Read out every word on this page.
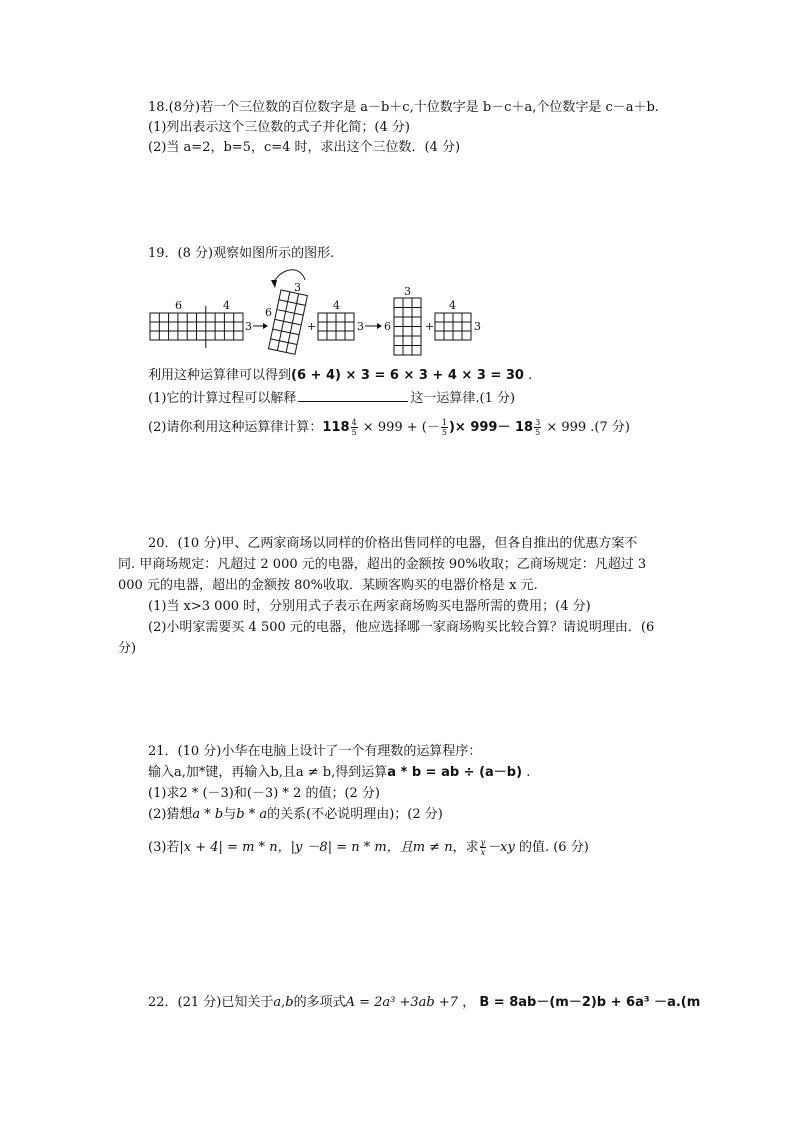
18.(8分)若一个三位数的百位数字是 a－b＋c,十位数字是 b－c＋a,个位数字是 c－a＋b.
(1)列出表示这个三位数的式子并化简；(4 分)
(2)当 a=2，b=5，c=4 时，求出这个三位数．(4 分)
19．(8 分)观察如图所示的图形.
6	4
3
6
3
+
4
3 6
3
+
4
3
利用这种运算律可以得到(6 + 4) × 3 = 6 × 3 + 4 × 3 = 30 .
(1)它的计算过程可以解释	这一运算律.(1 分)
(2)请你利用这种运算律计算：$118 \frac{4}{5} \times 999$ + (－ $\frac{1}{5}$ )× $999- 18 \frac{3}{5} \times 999$ .(7 分)
20．(10 分)甲、乙两家商场以同样的价格出售同样的电器，但各自推出的优惠方案不
同. 甲商场规定：凡超过 2 000 元的电器，超出的金额按 90%收取；乙商场规定：凡超过 3
000 元的电器，超出的金额按 80%收取．某顾客购买的电器价格是 x 元.
(1)当 x>3 000 时，分别用式子表示在两家商场购买电器所需的费用；(4 分)
(2)小明家需要买 4 500 元的电器，他应选择哪一家商场购买比较合算？请说明理由．(6
分)
21．(10 分)小华在电脑上设计了一个有理数的运算程序：
输入a,加*键，再输入b,且a ≠ b,得到运算a * b = ab ÷ (a－b) .
(1)求2 * (－3)和(－3) * 2 的值；(2 分)
(2)猜想a * b与b * a的关系(不必说明理由)；(2 分)
(3)若|x + 4| = m * n，|y －8| = n * m，且m ≠ n，求 $\frac{y}{x} -xy$ 的值. (6 分)
22．(21 分)已知关于a,b的多项式A = 2a³ +3ab +7 ， B = 8ab－(m－2)b + 6a³ －a.(m
